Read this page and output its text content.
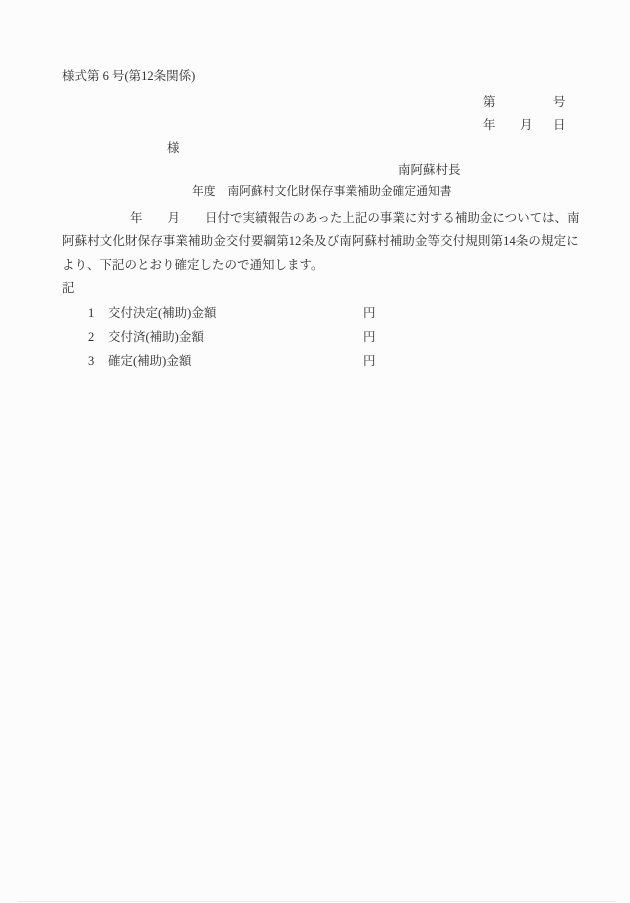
様式第 6 号(第12条関係)
第	号
年 月 日
様
南阿蘇村長
年度　南阿蘇村文化財保存事業補助金確定通知書
年　　月　　日付で実績報告のあった上記の事業に対する補助金については、南
阿蘇村文化財保存事業補助金交付要綱第12条及び南阿蘇村補助金等交付規則第14条の規定に
より、下記のとおり確定したので通知します。
記
1 交付決定(補助)金額	円
2 交付済(補助)金額	円
3 確定(補助)金額	円
